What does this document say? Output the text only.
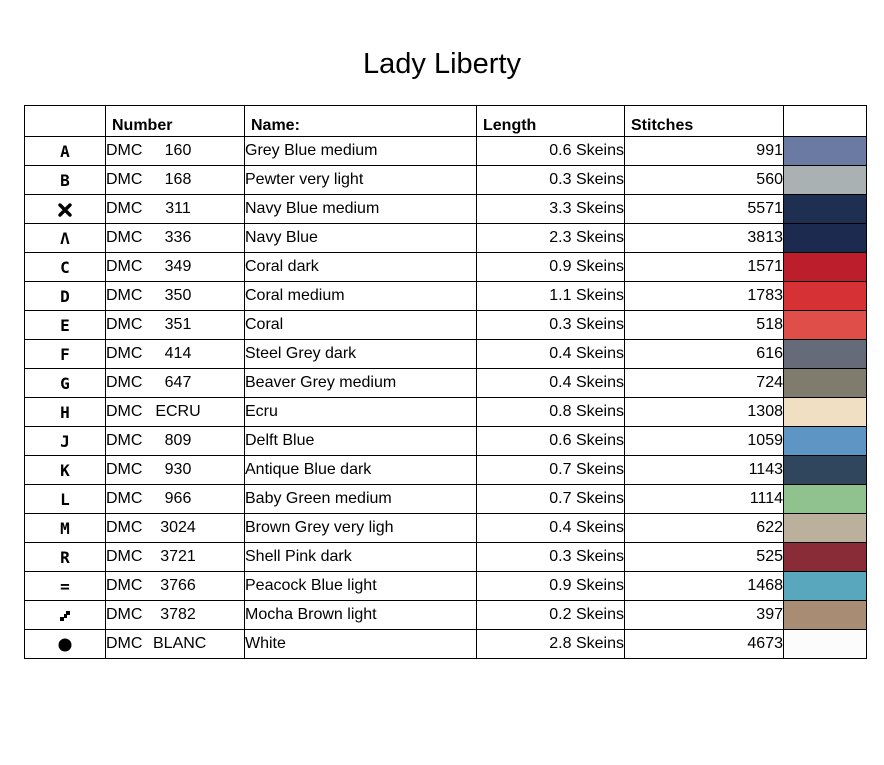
Lady Liberty
	Number	Name:	Length	Stitches	
A	DMC 160	Grey Blue medium	0.6 Skeins	991	

B	DMC 168	Pewter very light	0.3 Skeins	560	

	DMC 311	Navy Blue medium	3.3 Skeins	5571	

Λ	DMC 336	Navy Blue	2.3 Skeins	3813	

C	DMC 349	Coral dark	0.9 Skeins	1571	

D	DMC 350	Coral medium	1.1 Skeins	1783	

E	DMC 351	Coral	0.3 Skeins	518	

F	DMC 414	Steel Grey dark	0.4 Skeins	616	

G	DMC 647	Beaver Grey medium	0.4 Skeins	724	

H	DMC ECRU	Ecru	0.8 Skeins	1308	

J	DMC 809	Delft Blue	0.6 Skeins	1059	

K	DMC 930	Antique Blue dark	0.7 Skeins	1143	

L	DMC 966	Baby Green medium	0.7 Skeins	1114	

M	DMC 3024	Brown Grey very ligh	0.4 Skeins	622	

R	DMC 3721	Shell Pink dark	0.3 Skeins	525	

=	DMC 3766	Peacock Blue light	0.9 Skeins	1468	

	DMC 3782	Mocha Brown light	0.2 Skeins	397	

	DMC BLANC	White	2.8 Skeins	4673	
